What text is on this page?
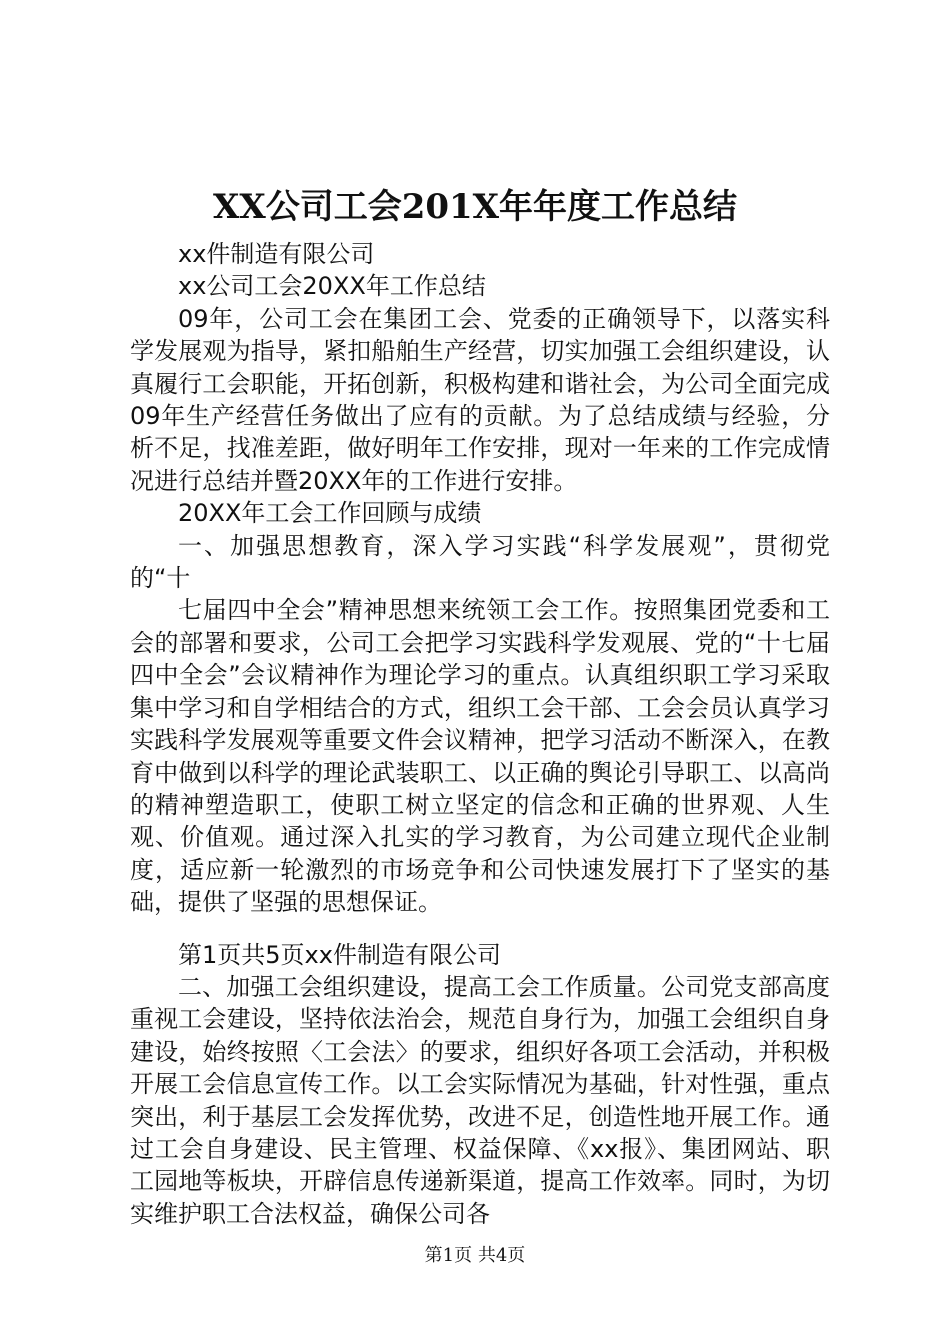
XX公司工会201X年年度工作总结

xx件制造有限公司

xx公司工会20XX年工作总结

09年，公司工会在集团工会、党委的正确领导下，以落实科学发展观为指导，紧扣船舶生产经营，切实加强工会组织建设，认真履行工会职能，开拓创新，积极构建和谐社会，为公司全面完成09年生产经营任务做出了应有的贡献。为了总结成绩与经验，分析不足，找准差距，做好明年工作安排，现对一年来的工作完成情况进行总结并暨20XX年的工作进行安排。

20XX年工会工作回顾与成绩

一、加强思想教育，深入学习实践“科学发展观”，贯彻党的“十

七届四中全会”精神思想来统领工会工作。按照集团党委和工会的部署和要求，公司工会把学习实践科学发观展、党的“十七届四中全会”会议精神作为理论学习的重点。认真组织职工学习采取集中学习和自学相结合的方式，组织工会干部、工会会员认真学习实践科学发展观等重要文件会议精神，把学习活动不断深入，在教育中做到以科学的理论武装职工、以正确的舆论引导职工、以高尚的精神塑造职工，使职工树立坚定的信念和正确的世界观、人生观、价值观。通过深入扎实的学习教育，为公司建立现代企业制度，适应新一轮激烈的市场竞争和公司快速发展打下了坚实的基础，提供了坚强的思想保证。

第1页共5页xx件制造有限公司

二、加强工会组织建设，提高工会工作质量。公司党支部高度重视工会建设，坚持依法治会，规范自身行为，加强工会组织自身建设，始终按照〈工会法〉的要求，组织好各项工会活动，并积极开展工会信息宣传工作。以工会实际情况为基础，针对性强，重点突出，利于基层工会发挥优势，改进不足，创造性地开展工作。通过工会自身建设、民主管理、权益保障、《xx报》、集团网站、职工园地等板块，开辟信息传递新渠道，提高工作效率。同时，为切实维护职工合法权益，确保公司各

第1页 共4页
